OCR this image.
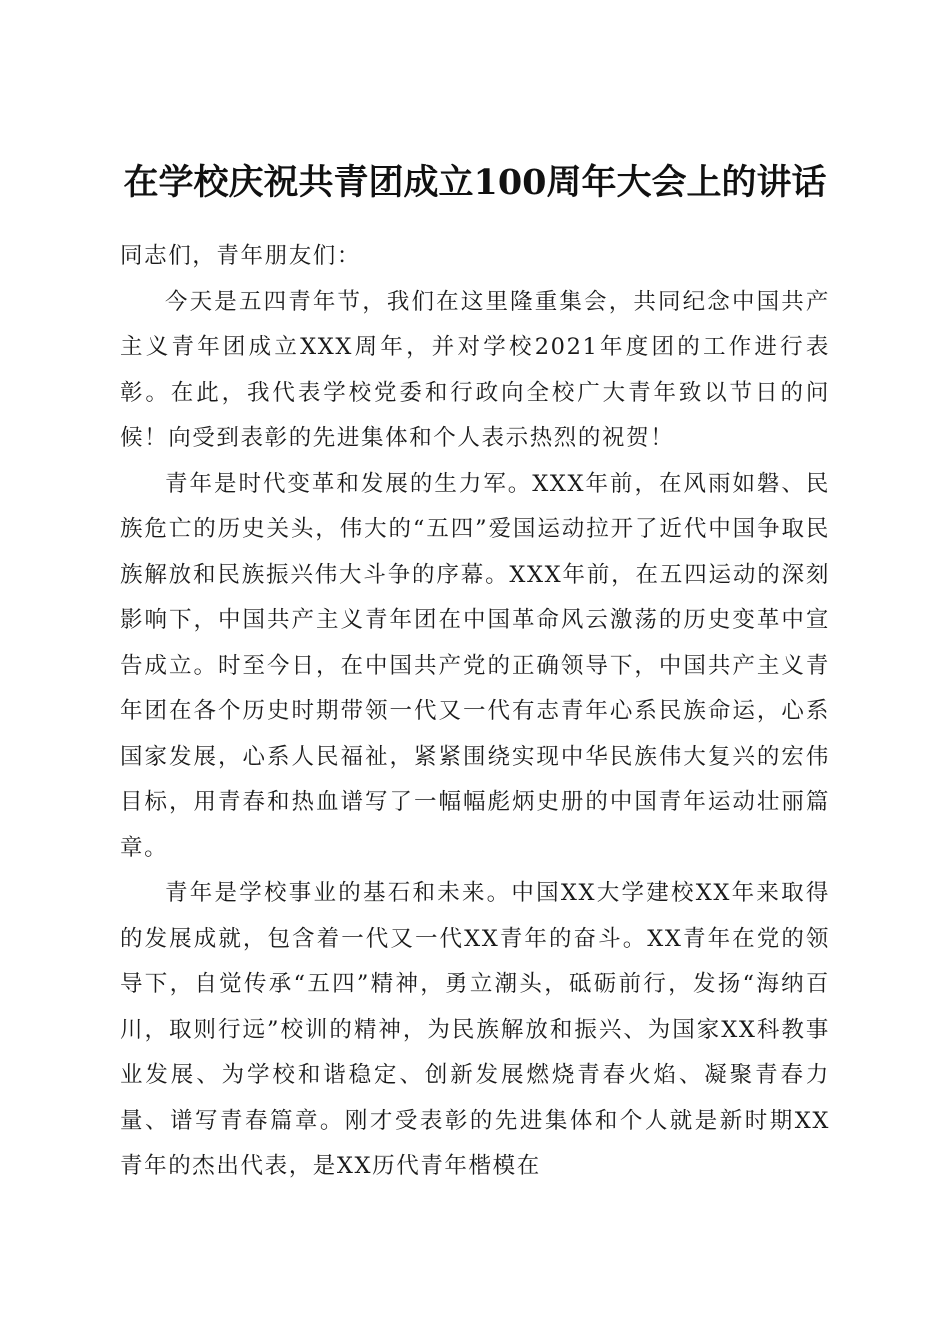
在学校庆祝共青团成立100周年大会上的讲话

同志们，青年朋友们：

今天是五四青年节，我们在这里隆重集会，共同纪念中国共产主义青年团成立XXX周年，并对学校2021年度团的工作进行表彰。在此，我代表学校党委和行政向全校广大青年致以节日的问候！向受到表彰的先进集体和个人表示热烈的祝贺！

青年是时代变革和发展的生力军。XXX年前，在风雨如磐、民族危亡的历史关头，伟大的“五四”爱国运动拉开了近代中国争取民族解放和民族振兴伟大斗争的序幕。XXX年前，在五四运动的深刻影响下，中国共产主义青年团在中国革命风云激荡的历史变革中宣告成立。时至今日，在中国共产党的正确领导下，中国共产主义青年团在各个历史时期带领一代又一代有志青年心系民族命运，心系国家发展，心系人民福祉，紧紧围绕实现中华民族伟大复兴的宏伟目标，用青春和热血谱写了一幅幅彪炳史册的中国青年运动壮丽篇章。

青年是学校事业的基石和未来。中国XX大学建校XX年来取得的发展成就，包含着一代又一代XX青年的奋斗。XX青年在党的领导下，自觉传承“五四”精神，勇立潮头，砥砺前行，发扬“海纳百川，取则行远”校训的精神，为民族解放和振兴、为国家XX科教事业发展、为学校和谐稳定、创新发展燃烧青春火焰、凝聚青春力量、谱写青春篇章。刚才受表彰的先进集体和个人就是新时期XX青年的杰出代表，是XX历代青年楷模在
